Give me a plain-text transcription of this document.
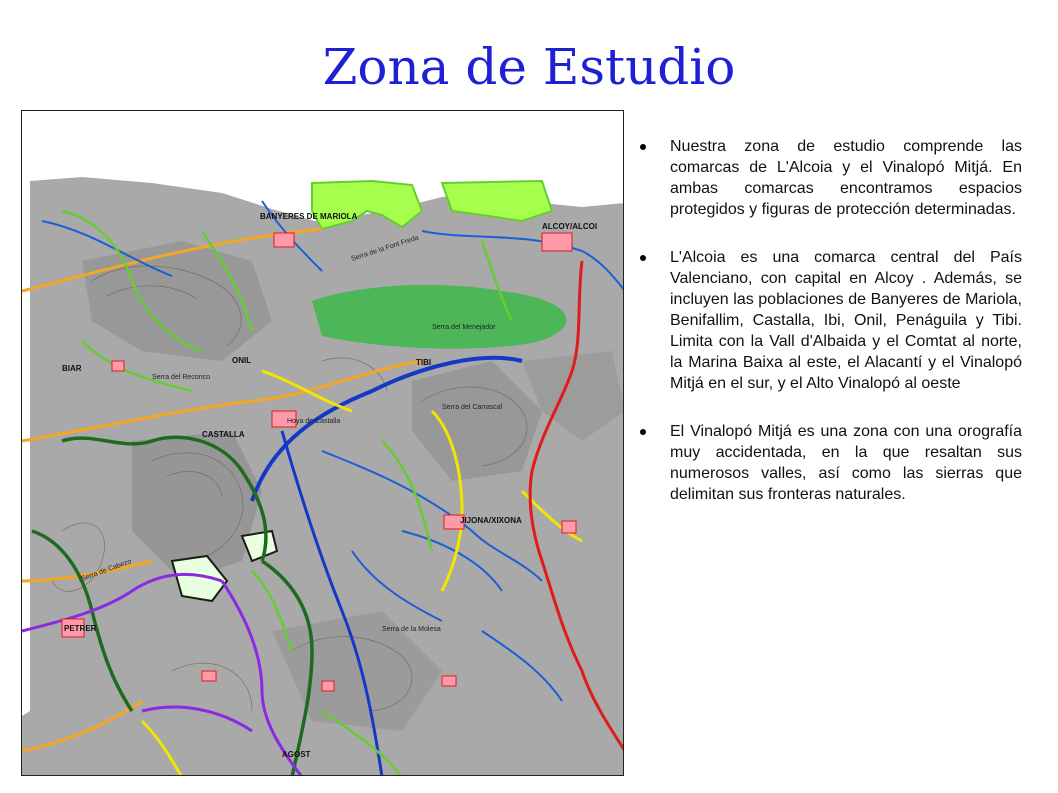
Zona de Estudio
BANYERES DE MARIOLA
ALCOY/ALCOI
ONIL	TIBI
CASTALLA
Hoya de Castalla
JIJONA/XIXONA
PETRER
AGOST
Serra de la Font Freda
Serra del Menejador
Serra del Reconco
Serra del Carrascal
Serra de la Molesa
Serra de Cabezo
BIAR
Nuestra zona de estudio comprende las comarcas de L'Alcoia y el Vinalopó Mitjá. En ambas comarcas encontramos espacios protegidos y figuras de protección determinadas.
L'Alcoia es una comarca central del País Valenciano, con capital en Alcoy . Además, se incluyen las poblaciones de Banyeres de Mariola, Benifallim, Castalla, Ibi, Onil, Penáguila y Tibi. Limita con la Vall d'Albaida y el Comtat al norte, la Marina Baixa al este, el Alacantí y el Vinalopó Mitjá en el sur, y el Alto Vinalopó al oeste
El Vinalopó Mitjá es una zona con una orografía muy accidentada, en la que resaltan sus numerosos valles, así como las sierras que delimitan sus fronteras naturales.
